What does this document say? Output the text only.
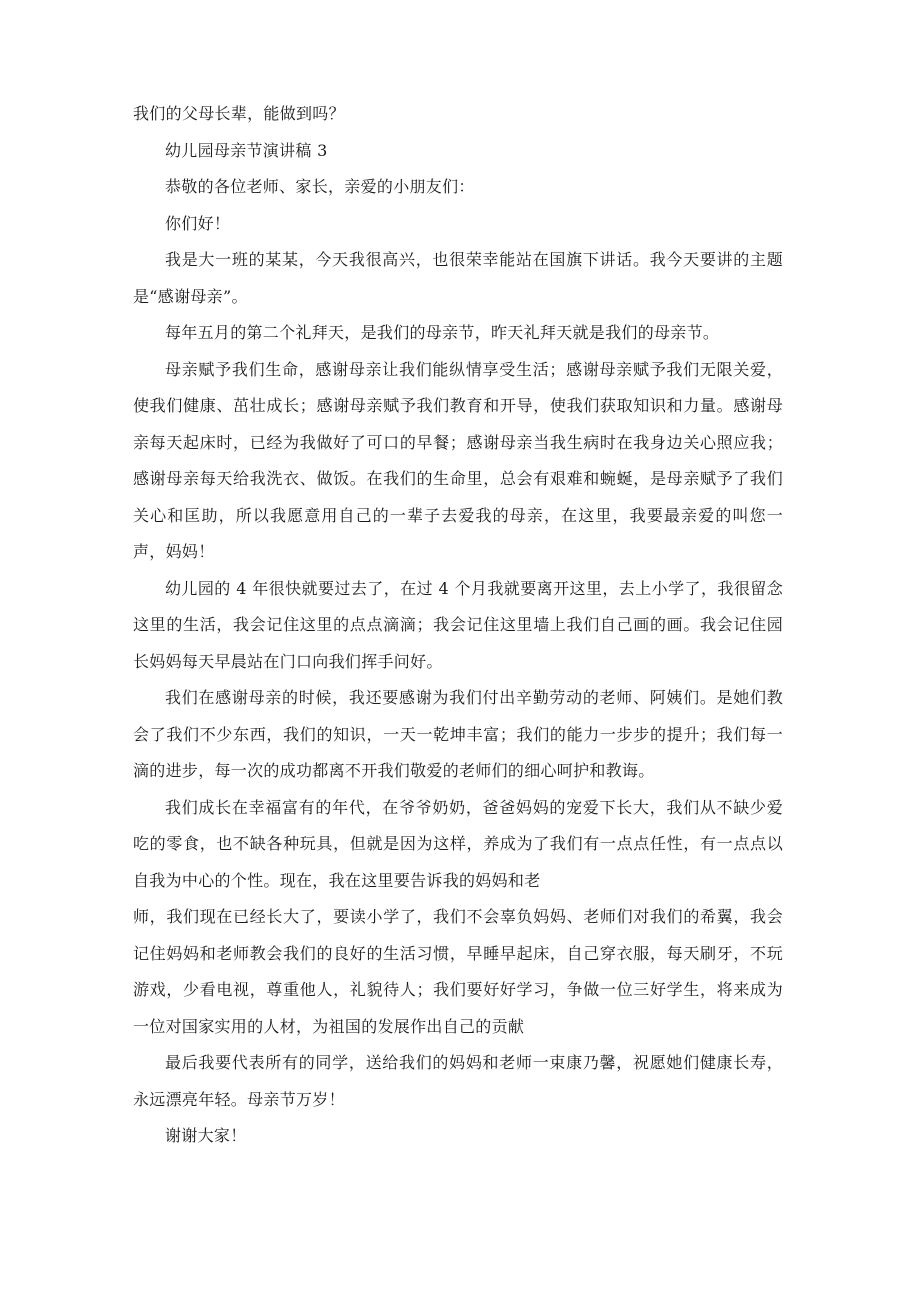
我们的父母长辈，能做到吗？

幼儿园母亲节演讲稿 3

恭敬的各位老师、家长，亲爱的小朋友们：

你们好！

我是大一班的某某，今天我很高兴，也很荣幸能站在国旗下讲话。我今天要讲的主题是“感谢母亲”。

每年五月的第二个礼拜天，是我们的母亲节，昨天礼拜天就是我们的母亲节。

母亲赋予我们生命，感谢母亲让我们能纵情享受生活；感谢母亲赋予我们无限关爱，使我们健康、茁壮成长；感谢母亲赋予我们教育和开导，使我们获取知识和力量。感谢母亲每天起床时，已经为我做好了可口的早餐；感谢母亲当我生病时在我身边关心照应我；感谢母亲每天给我洗衣、做饭。在我们的生命里，总会有艰难和蜿蜒，是母亲赋予了我们关心和匡助，所以我愿意用自己的一辈子去爱我的母亲，在这里，我要最亲爱的叫您一声，妈妈！

幼儿园的 4 年很快就要过去了，在过 4 个月我就要离开这里，去上小学了，我很留念这里的生活，我会记住这里的点点滴滴；我会记住这里墙上我们自己画的画。我会记住园长妈妈每天早晨站在门口向我们挥手问好。

我们在感谢母亲的时候，我还要感谢为我们付出辛勤劳动的老师、阿姨们。是她们教会了我们不少东西，我们的知识，一天一乾坤丰富；我们的能力一步步的提升；我们每一滴的进步，每一次的成功都离不开我们敬爱的老师们的细心呵护和教诲。

我们成长在幸福富有的年代，在爷爷奶奶，爸爸妈妈的宠爱下长大，我们从不缺少爱吃的零食，也不缺各种玩具，但就是因为这样，养成为了我们有一点点任性，有一点点以自我为中心的个性。现在，我在这里要告诉我的妈妈和老

师，我们现在已经长大了，要读小学了，我们不会辜负妈妈、老师们对我们的希翼，我会记住妈妈和老师教会我们的良好的生活习惯，早睡早起床，自己穿衣服，每天刷牙，不玩游戏，少看电视，尊重他人，礼貌待人；我们要好好学习，争做一位三好学生，将来成为一位对国家实用的人材，为祖国的发展作出自己的贡献

最后我要代表所有的同学，送给我们的妈妈和老师一束康乃馨，祝愿她们健康长寿，永远漂亮年轻。母亲节万岁！

谢谢大家！
